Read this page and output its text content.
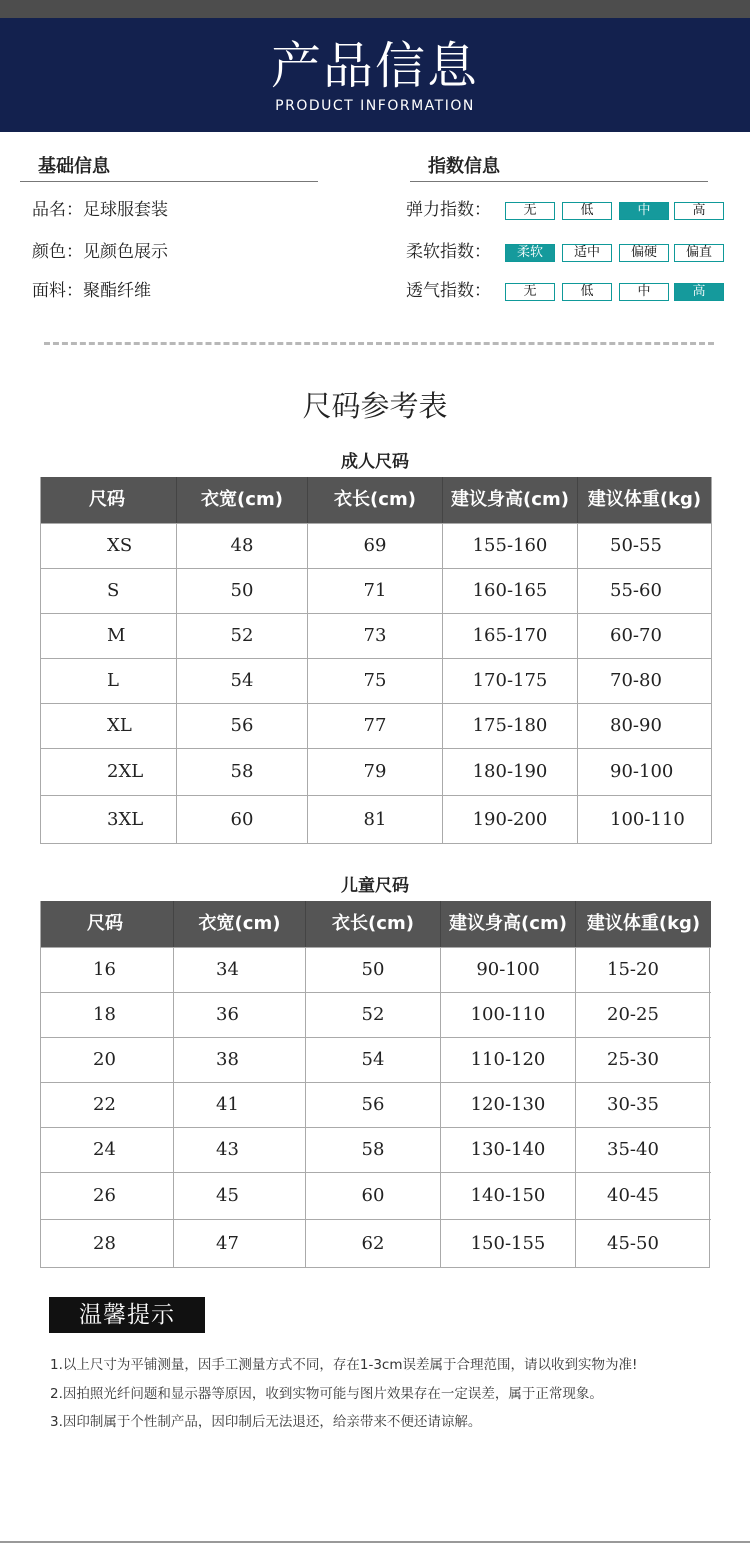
产品信息
PRODUCT INFORMATION
基础信息
品名：足球服套装
颜色：见颜色展示
面料：聚酯纤维
指数信息
弹力指数：	无	低	中	高
柔软指数：	柔软	适中	偏硬	偏直
透气指数：	无	低	中	高
尺码参考表
成人尺码
尺码	衣宽(cm)	衣长(cm)	建议身高(cm)	建议体重(kg)
XS	48	69	155-160	50-55
S	50	71	160-165	55-60
M	52	73	165-170	60-70
L	54	75	170-175	70-80
XL	56	77	175-180	80-90
2XL	58	79	180-190	90-100
3XL	60	81	190-200	100-110
儿童尺码
尺码	衣宽(cm)	衣长(cm)	建议身高(cm)	建议体重(kg)
16	34	50	90-100	15-20
18	36	52	100-110	20-25
20	38	54	110-120	25-30
22	41	56	120-130	30-35
24	43	58	130-140	35-40
26	45	60	140-150	40-45
28	47	62	150-155	45-50
温馨提示
1.以上尺寸为平铺测量，因手工测量方式不同，存在1-3cm误差属于合理范围，请以收到实物为准!
2.因拍照光纤问题和显示器等原因，收到实物可能与图片效果存在一定误差，属于正常现象。
3.因印制属于个性制产品，因印制后无法退还，给亲带来不便还请谅解。
